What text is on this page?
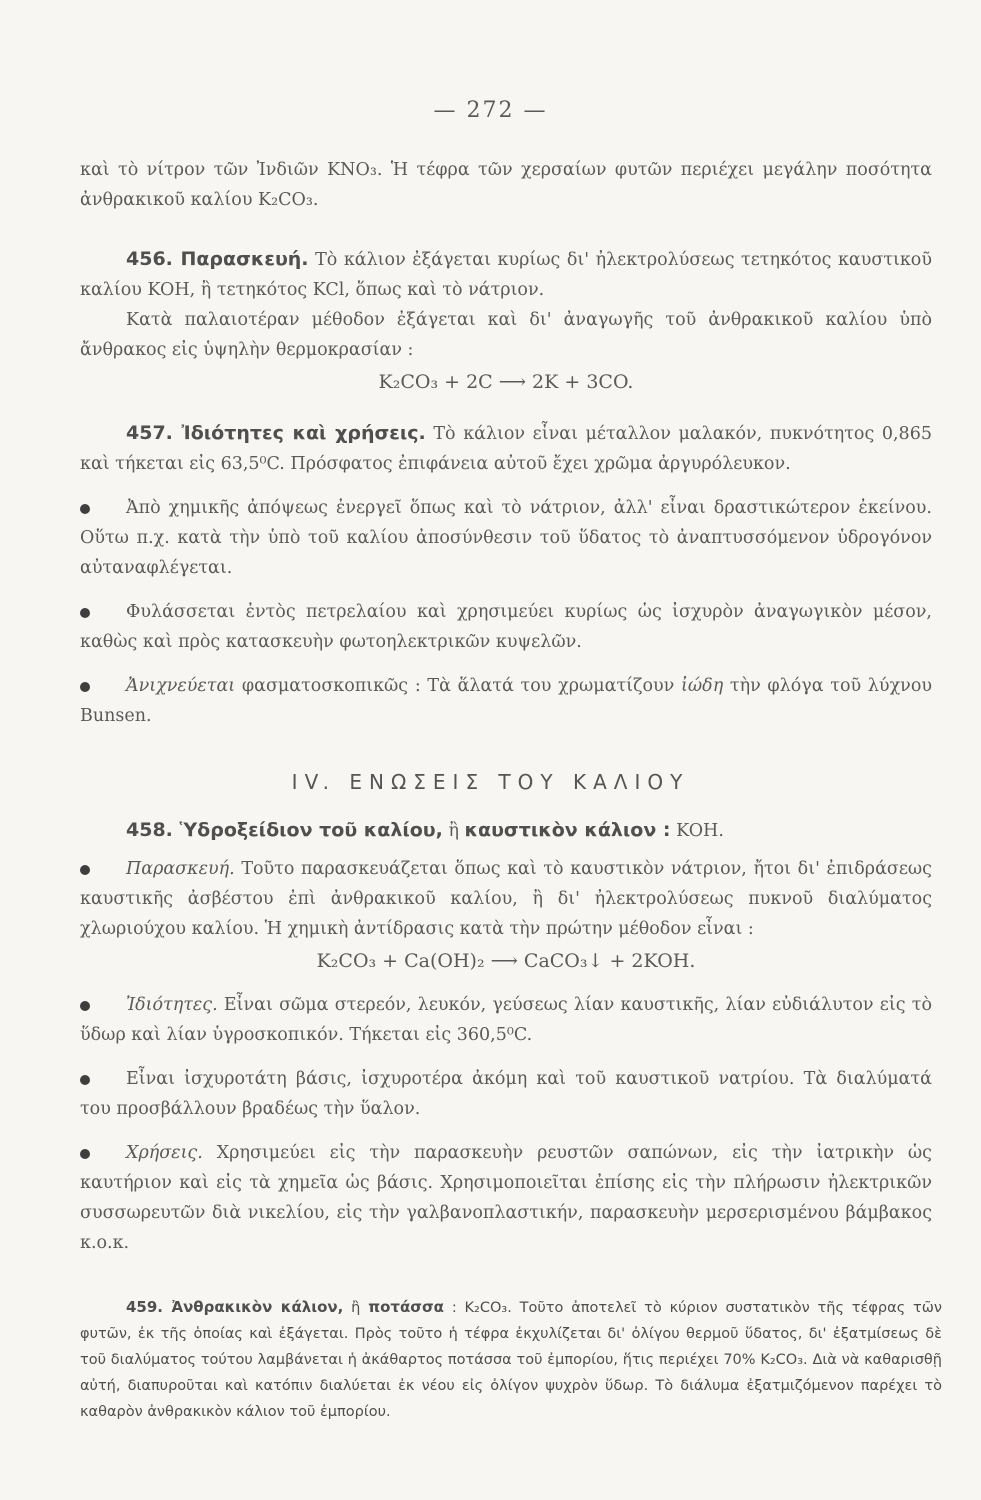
— 272 —

καὶ τὸ νίτρον τῶν Ἰνδιῶν KNO₃. Ἡ τέφρα τῶν χερσαίων φυτῶν περιέχει μεγάλην ποσότητα ἀνθρακικοῦ καλίου K₂CO₃.

456. Παρασκευή. Τὸ κάλιον ἐξάγεται κυρίως δι' ἠλεκτρολύσεως τετηκότος καυστικοῦ καλίου KOH, ἢ τετηκότος KCl, ὅπως καὶ τὸ νάτριον.

Κατὰ παλαιοτέραν μέθοδον ἐξάγεται καὶ δι' ἀναγωγῆς τοῦ ἀνθρακικοῦ καλίου ὑπὸ ἄνθρακος εἰς ὑψηλὴν θερμοκρασίαν :

K₂CO₃ + 2C ⟶ 2K + 3CO.

457. Ἰδιότητες καὶ χρήσεις. Τὸ κάλιον εἶναι μέταλλον μαλακόν, πυκνότητος 0,865 καὶ τήκεται εἰς 63,5⁰C. Πρόσφατος ἐπιφάνεια αὐτοῦ ἔχει χρῶμα ἀργυρόλευκον.

Ἀπὸ χημικῆς ἀπόψεως ἐνεργεῖ ὅπως καὶ τὸ νάτριον, ἀλλ' εἶναι δραστικώτερον ἐκείνου. Οὕτω π.χ. κατὰ τὴν ὑπὸ τοῦ καλίου ἀποσύνθεσιν τοῦ ὕδατος τὸ ἀναπτυσσόμενον ὑδρογόνον αὐταναφλέγεται.

Φυλάσσεται ἐντὸς πετρελαίου καὶ χρησιμεύει κυρίως ὡς ἰσχυρὸν ἀναγωγικὸν μέσον, καθὼς καὶ πρὸς κατασκευὴν φωτοηλεκτρικῶν κυψελῶν.

Ἀνιχνεύεται φασματοσκοπικῶς : Τὰ ἅλατά του χρωματίζουν ἰώδη τὴν φλόγα τοῦ λύχνου Bunsen.

IV. ΕΝΩΣΕΙΣ ΤΟΥ ΚΑΛΙΟΥ

458. Ὑδροξείδιον τοῦ καλίου, ἢ καυστικὸν κάλιον : KOH.

Παρασκευή. Τοῦτο παρασκευάζεται ὅπως καὶ τὸ καυστικὸν νάτριον, ἤτοι δι' ἐπιδράσεως καυστικῆς ἀσβέστου ἐπὶ ἀνθρακικοῦ καλίου, ἢ δι' ἠλεκτρολύσεως πυκνοῦ διαλύματος χλωριούχου καλίου. Ἡ χημικὴ ἀντίδρασις κατὰ τὴν πρώτην μέθοδον εἶναι :

K₂CO₃ + Ca(OH)₂ ⟶ CaCO₃↓ + 2KOH.

Ἰδιότητες. Εἶναι σῶμα στερεόν, λευκόν, γεύσεως λίαν καυστικῆς, λίαν εὐδιάλυτον εἰς τὸ ὕδωρ καὶ λίαν ὑγροσκοπικόν. Τήκεται εἰς 360,5⁰C.

Εἶναι ἰσχυροτάτη βάσις, ἰσχυροτέρα ἀκόμη καὶ τοῦ καυστικοῦ νατρίου. Τὰ διαλύματά του προσβάλλουν βραδέως τὴν ὕαλον.

Χρήσεις. Χρησιμεύει εἰς τὴν παρασκευὴν ρευστῶν σαπώνων, εἰς τὴν ἰατρικὴν ὡς καυτήριον καὶ εἰς τὰ χημεῖα ὡς βάσις. Χρησιμοποιεῖται ἐπίσης εἰς τὴν πλήρωσιν ἠλεκτρικῶν συσσωρευτῶν διὰ νικελίου, εἰς τὴν γαλβανοπλαστικήν, παρασκευὴν μερσερισμένου βάμβακος κ.ο.κ.

459. Ἀνθρακικὸν κάλιον, ἢ ποτάσσα : K₂CO₃. Τοῦτο ἀποτελεῖ τὸ κύριον συστατικὸν τῆς τέφρας τῶν φυτῶν, ἐκ τῆς ὁποίας καὶ ἐξάγεται. Πρὸς τοῦτο ἡ τέφρα ἐκχυλίζεται δι' ὀλίγου θερμοῦ ὕδατος, δι' ἐξατμίσεως δὲ τοῦ διαλύματος τούτου λαμβάνεται ἡ ἀκάθαρτος ποτάσσα τοῦ ἐμπορίου, ἥτις περιέχει 70% K₂CO₃. Διὰ νὰ καθαρισθῇ αὐτή, διαπυροῦται καὶ κατόπιν διαλύεται ἐκ νέου εἰς ὀλίγον ψυχρὸν ὕδωρ. Τὸ διάλυμα ἐξατμιζόμενον παρέχει τὸ καθαρὸν ἀνθρακικὸν κάλιον τοῦ ἐμπορίου.
